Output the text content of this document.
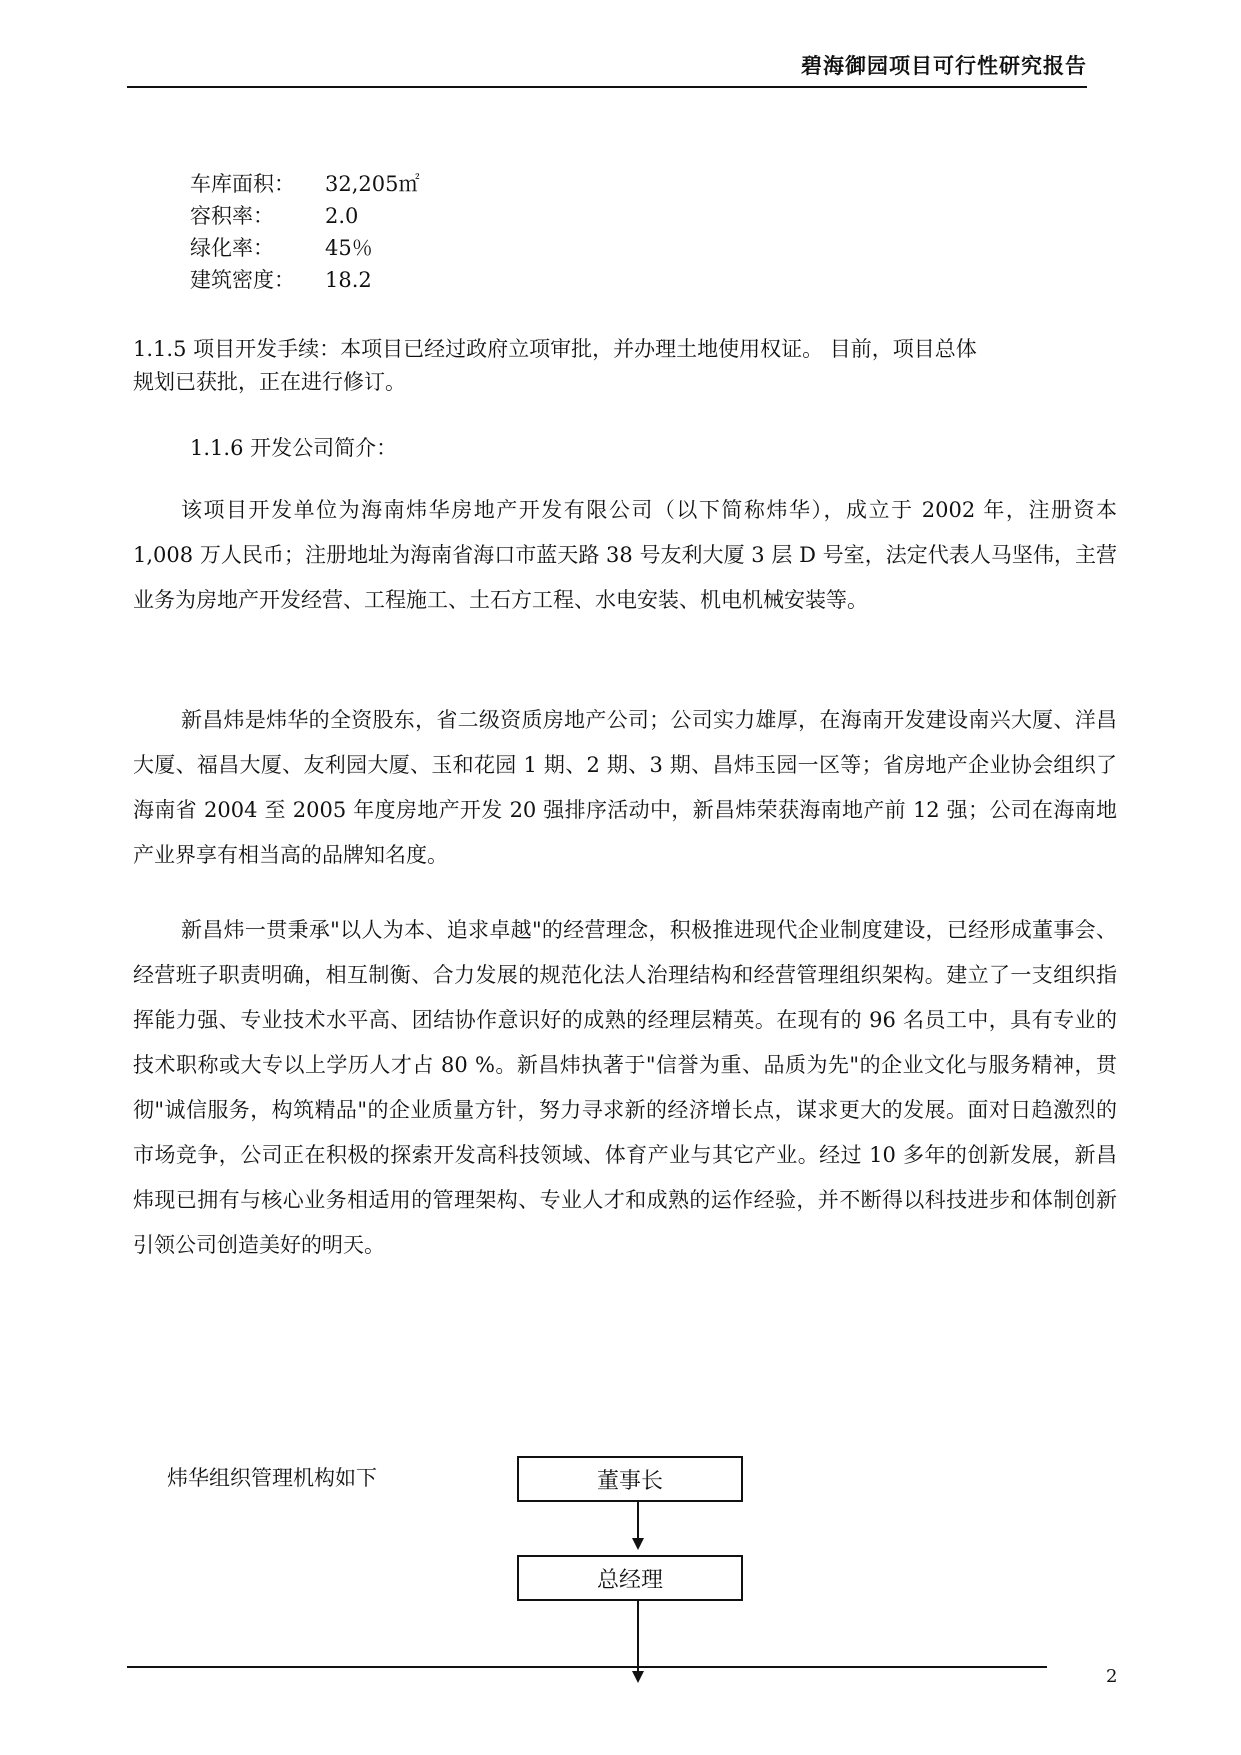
碧海御园项目可行性研究报告
车库面积：	32,205㎡
容积率：	2.0
绿化率：	45％
建筑密度：	18.2
1.1.5 项目开发手续：本项目已经过政府立项审批，并办理土地使用权证。 目前，项目总体
规划已获批，正在进行修订。
1.1.6 开发公司简介：

该项目开发单位为海南炜华房地产开发有限公司（以下简称炜华），成立于 2002 年，注册资本 1,008 万人民币；注册地址为海南省海口市蓝天路 38 号友利大厦 3 层 D 号室，法定代表人马坚伟，主营业务为房地产开发经营、工程施工、土石方工程、水电安装、机电机械安装等。

新昌炜是炜华的全资股东，省二级资质房地产公司；公司实力雄厚，在海南开发建设南兴大厦、洋昌大厦、福昌大厦、友利园大厦、玉和花园 1 期、2 期、3 期、昌炜玉园一区等；省房地产企业协会组织了海南省 2004 至 2005 年度房地产开发 20 强排序活动中，新昌炜荣获海南地产前 12 强；公司在海南地产业界享有相当高的品牌知名度。

新昌炜一贯秉承"以人为本、追求卓越"的经营理念，积极推进现代企业制度建设，已经形成董事会、经营班子职责明确，相互制衡、合力发展的规范化法人治理结构和经营管理组织架构。建立了一支组织指挥能力强、专业技术水平高、团结协作意识好的成熟的经理层精英。在现有的 96 名员工中，具有专业的技术职称或大专以上学历人才占 80 %。新昌炜执著于"信誉为重、品质为先"的企业文化与服务精神，贯彻"诚信服务，构筑精品"的企业质量方针，努力寻求新的经济增长点，谋求更大的发展。面对日趋激烈的市场竞争，公司正在积极的探索开发高科技领域、体育产业与其它产业。经过 10 多年的创新发展，新昌炜现已拥有与核心业务相适用的管理架构、专业人才和成熟的运作经验，并不断得以科技进步和体制创新引领公司创造美好的明天。

炜华组织管理机构如下	董事长
总经理
2
